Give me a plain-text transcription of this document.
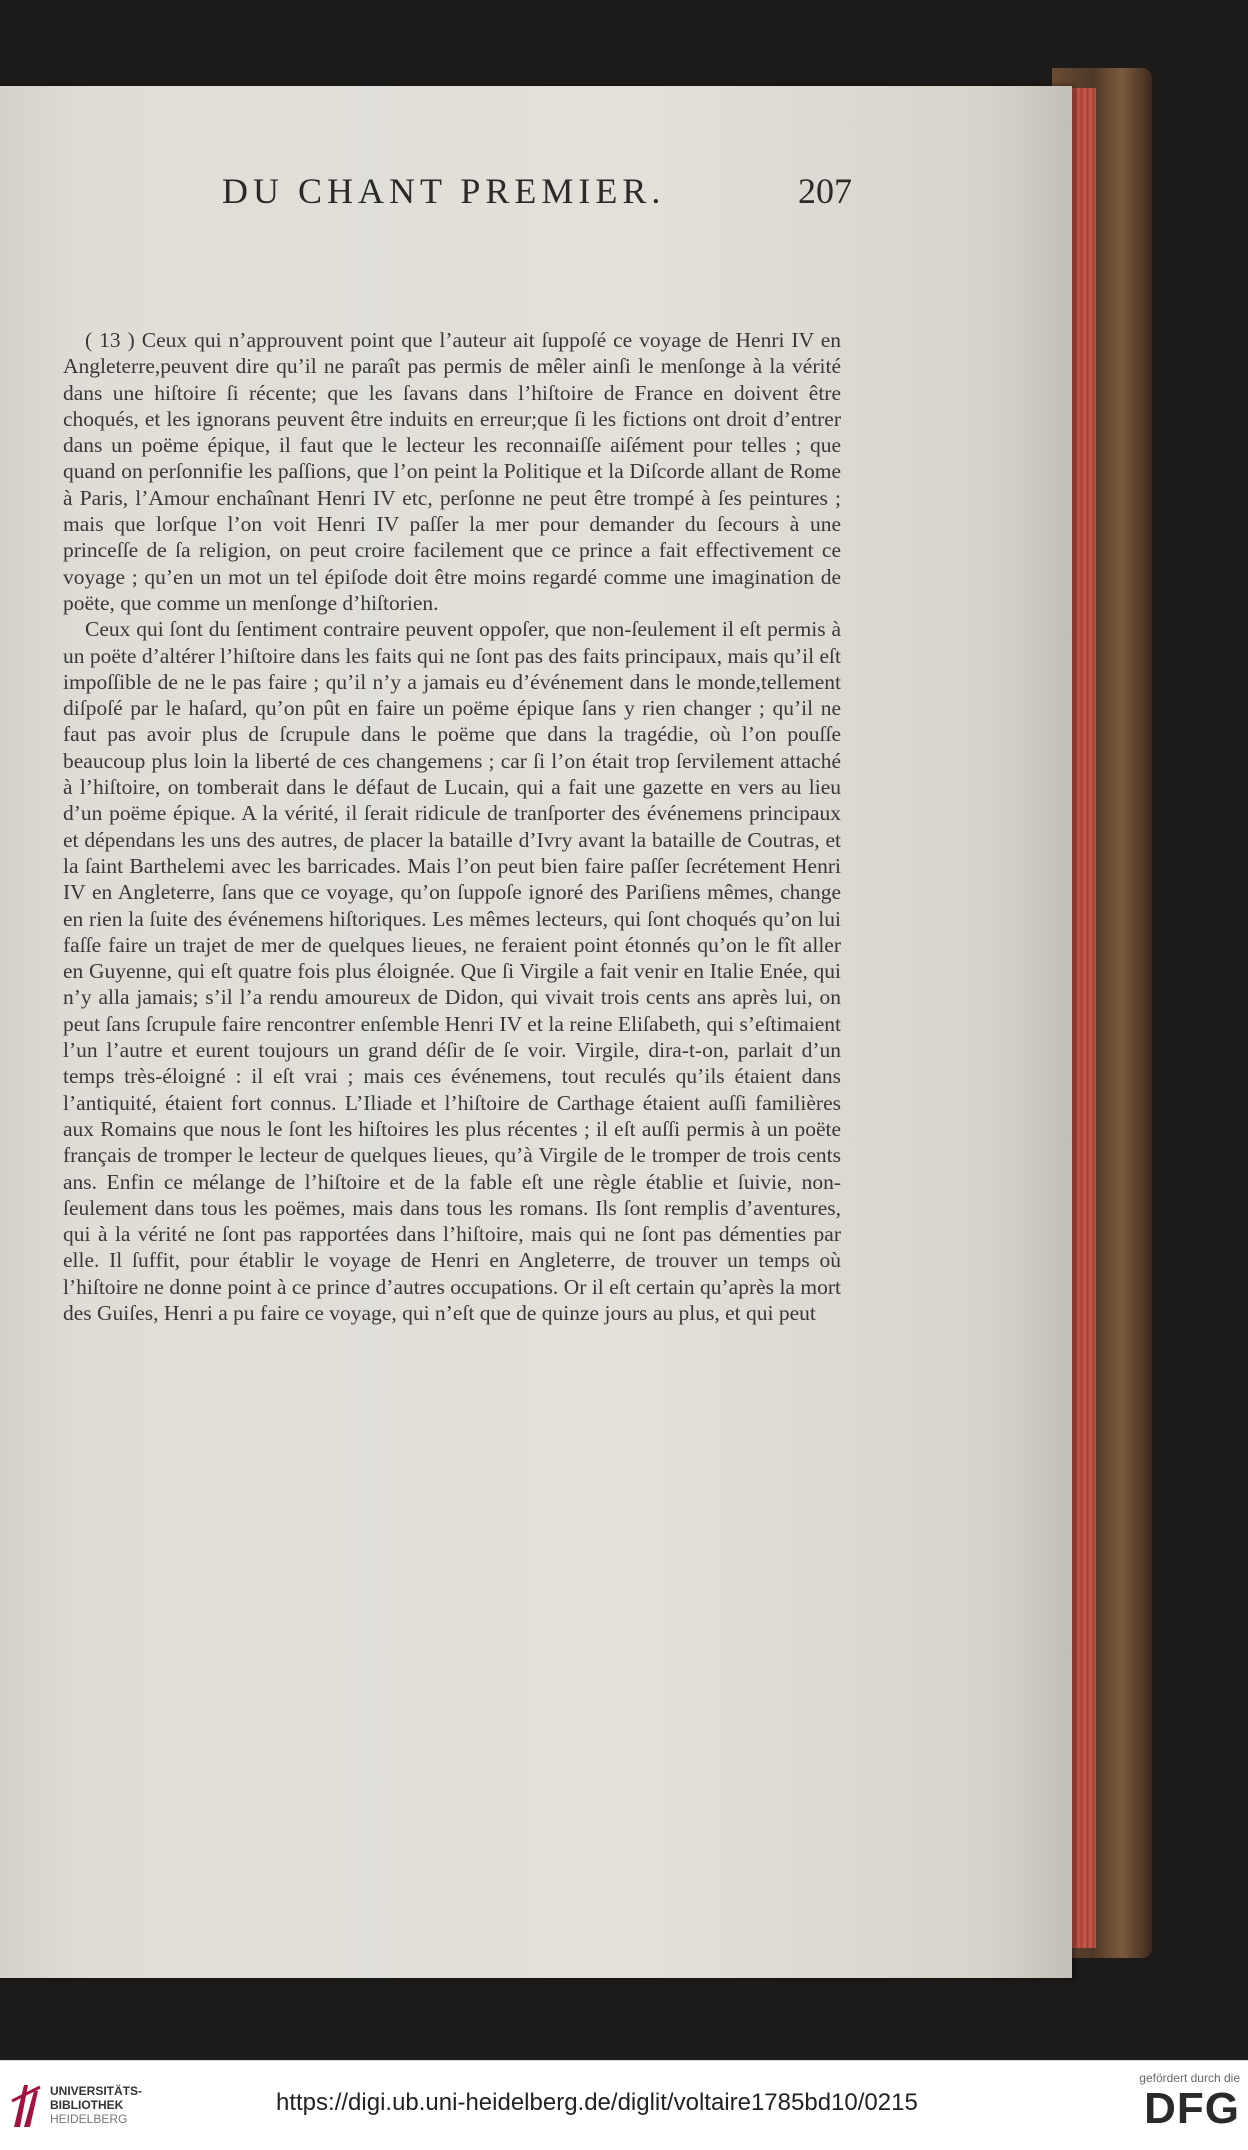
DU CHANT PREMIER.	207

( 13 ) Ceux qui n’approuvent point que l’auteur ait ſuppoſé ce voyage de Henri IV en Angleterre,peuvent dire qu’il ne paraît pas permis de mêler ainſi le menſonge à la vérité dans une hiſtoire ſi récente; que les ſavans dans l’hiſtoire de France en doivent être choqués, et les ignorans peuvent être induits en erreur;que ſi les fictions ont droit d’entrer dans un poëme épique, il faut que le lecteur les reconnaiſſe aiſément pour telles ; que quand on perſonnifie les paſſions, que l’on peint la Politique et la Diſcorde allant de Rome à Paris, l’Amour enchaînant Henri IV etc, perſonne ne peut être trompé à ſes peintures ; mais que lorſque l’on voit Henri IV paſſer la mer pour demander du ſecours à une princeſſe de ſa religion, on peut croire facilement que ce prince a fait effectivement ce voyage ; qu’en un mot un tel épiſode doit être moins regardé comme une imagination de poëte, que comme un menſonge d’hiſtorien.

Ceux qui ſont du ſentiment contraire peuvent oppoſer, que non-ſeulement il eſt permis à un poëte d’altérer l’hiſtoire dans les faits qui ne ſont pas des faits principaux, mais qu’il eſt impoſſible de ne le pas faire ; qu’il n’y a jamais eu d’événement dans le monde,tellement diſpoſé par le haſard, qu’on pût en faire un poëme épique ſans y rien changer ; qu’il ne faut pas avoir plus de ſcrupule dans le poëme que dans la tragédie, où l’on pouſſe beaucoup plus loin la liberté de ces changemens ; car ſi l’on était trop ſervilement attaché à l’hiſtoire, on tomberait dans le défaut de Lucain, qui a fait une gazette en vers au lieu d’un poëme épique. A la vérité, il ſerait ridicule de tranſporter des événemens principaux et dépendans les uns des autres, de placer la bataille d’Ivry avant la bataille de Coutras, et la ſaint Barthelemi avec les barricades. Mais l’on peut bien faire paſſer ſecrétement Henri IV en Angleterre, ſans que ce voyage, qu’on ſuppoſe ignoré des Pariſiens mêmes, change en rien la ſuite des événemens hiſtoriques. Les mêmes lecteurs, qui ſont choqués qu’on lui faſſe faire un trajet de mer de quelques lieues, ne feraient point étonnés qu’on le fît aller en Guyenne, qui eſt quatre fois plus éloignée. Que ſi Virgile a fait venir en Italie Enée, qui n’y alla jamais; s’il l’a rendu amoureux de Didon, qui vivait trois cents ans après lui, on peut ſans ſcrupule faire rencontrer enſemble Henri IV et la reine Eliſabeth, qui s’eſtimaient l’un l’autre et eurent toujours un grand déſir de ſe voir. Virgile, dira-t-on, parlait d’un temps très-éloigné : il eſt vrai ; mais ces événemens, tout reculés qu’ils étaient dans l’antiquité, étaient fort connus. L’Iliade et l’hiſtoire de Carthage étaient auſſi familières aux Romains que nous le ſont les hiſtoires les plus récentes ; il eſt auſſi permis à un poëte français de tromper le lecteur de quelques lieues, qu’à Virgile de le tromper de trois cents ans. Enfin ce mélange de l’hiſtoire et de la fable eſt une règle établie et ſuivie, non-ſeulement dans tous les poëmes, mais dans tous les romans. Ils ſont remplis d’aventures, qui à la vérité ne ſont pas rapportées dans l’hiſtoire, mais qui ne ſont pas démenties par elle. Il ſuffit, pour établir le voyage de Henri en Angleterre, de trouver un temps où l’hiſtoire ne donne point à ce prince d’autres occupations. Or il eſt certain qu’après la mort des Guiſes, Henri a pu faire ce voyage, qui n’eſt que de quinze jours au plus, et qui peut

UNIVERSITÄTS-
BIBLIOTHEK
HEIDELBERG
https://digi.ub.uni-heidelberg.de/diglit/voltaire1785bd10/0215
gefördert durch die
DFG
